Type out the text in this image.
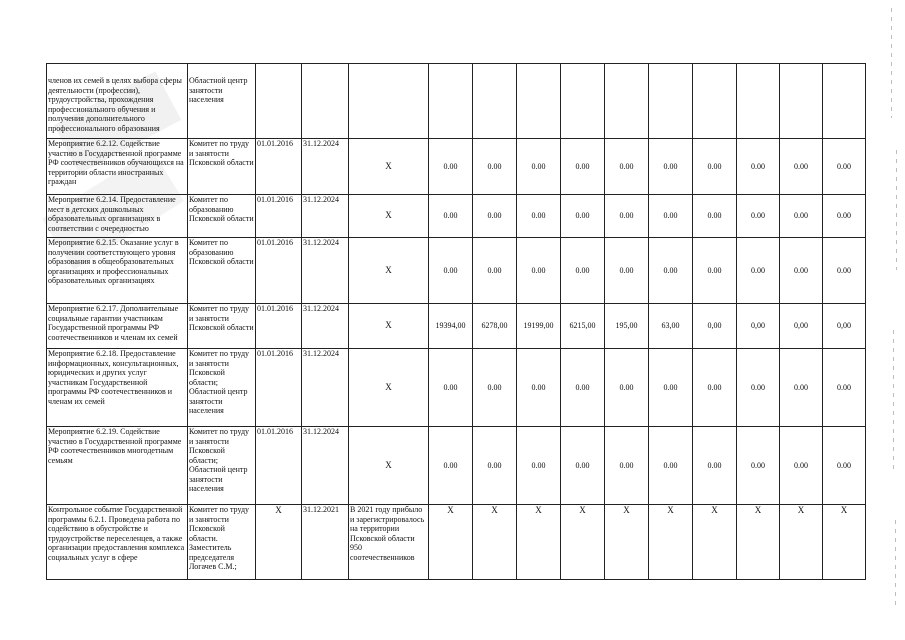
членов их семей в целях выбора сферы деятельности (профессии), трудоустройства, прохождения профессионального обучения и получения дополнительного профессионального образования	Областной центр занятости населения													
Мероприятие 6.2.12. Содействие участию в Государственной программе РФ соотечественников обучающихся на территории области иностранных граждан	Комитет по труду и занятости Псковской области	01.01.2016	31.12.2024	X	0.00	0.00	0.00	0.00	0.00	0.00	0.00	0.00	0.00	0.00
Мероприятие 6.2.14. Предоставление мест в детских дошкольных образовательных организациях в соответствии с очередностью	Комитет по образованию Псковской области	01.01.2016	31.12.2024	X	0.00	0.00	0.00	0.00	0.00	0.00	0.00	0.00	0.00	0.00
Мероприятие 6.2.15. Оказание услуг в получении соответствующего уровня образования в общеобразовательных организациях и профессиональных образовательных организациях	Комитет по образованию Псковской области	01.01.2016	31.12.2024	X	0.00	0.00	0.00	0.00	0.00	0.00	0.00	0.00	0.00	0.00
Мероприятие 6.2.17. Дополнительные социальные гарантии участникам Государственной программы РФ соотечественников и членам их семей	Комитет по труду и занятости Псковской области	01.01.2016	31.12.2024	X	19394,00	6278,00	19199,00	6215,00	195,00	63,00	0,00	0,00	0,00	0,00
Мероприятие 6.2.18. Предоставление информационных, консультационных, юридических и других услуг участникам Государственной программы РФ соотечественников и членам их семей	Комитет по труду и занятости Псковской области; Областной центр занятости населения	01.01.2016	31.12.2024	X	0.00	0.00	0.00	0.00	0.00	0.00	0.00	0.00	0.00	0.00
Мероприятие 6.2.19. Содействие участию в Государственной программе РФ соотечественников многодетным семьям	Комитет по труду и занятости Псковской области; Областной центр занятости населения	01.01.2016	31.12.2024	X	0.00	0.00	0.00	0.00	0.00	0.00	0.00	0.00	0.00	0.00
Контрольное событие Государственной программы 6.2.1. Проведена работа по содействию в обустройстве и трудоустройстве переселенцев, а также организации предоставления комплекса социальных услуг в сфере	Комитет по труду и занятости Псковской области. Заместитель председателя Логачев С.М.;	X	31.12.2021	В 2021 году прибыло и зарегистрировалось на территории Псковской области 950 соотечественников	X	X	X	X	X	X	X	X	X	X
